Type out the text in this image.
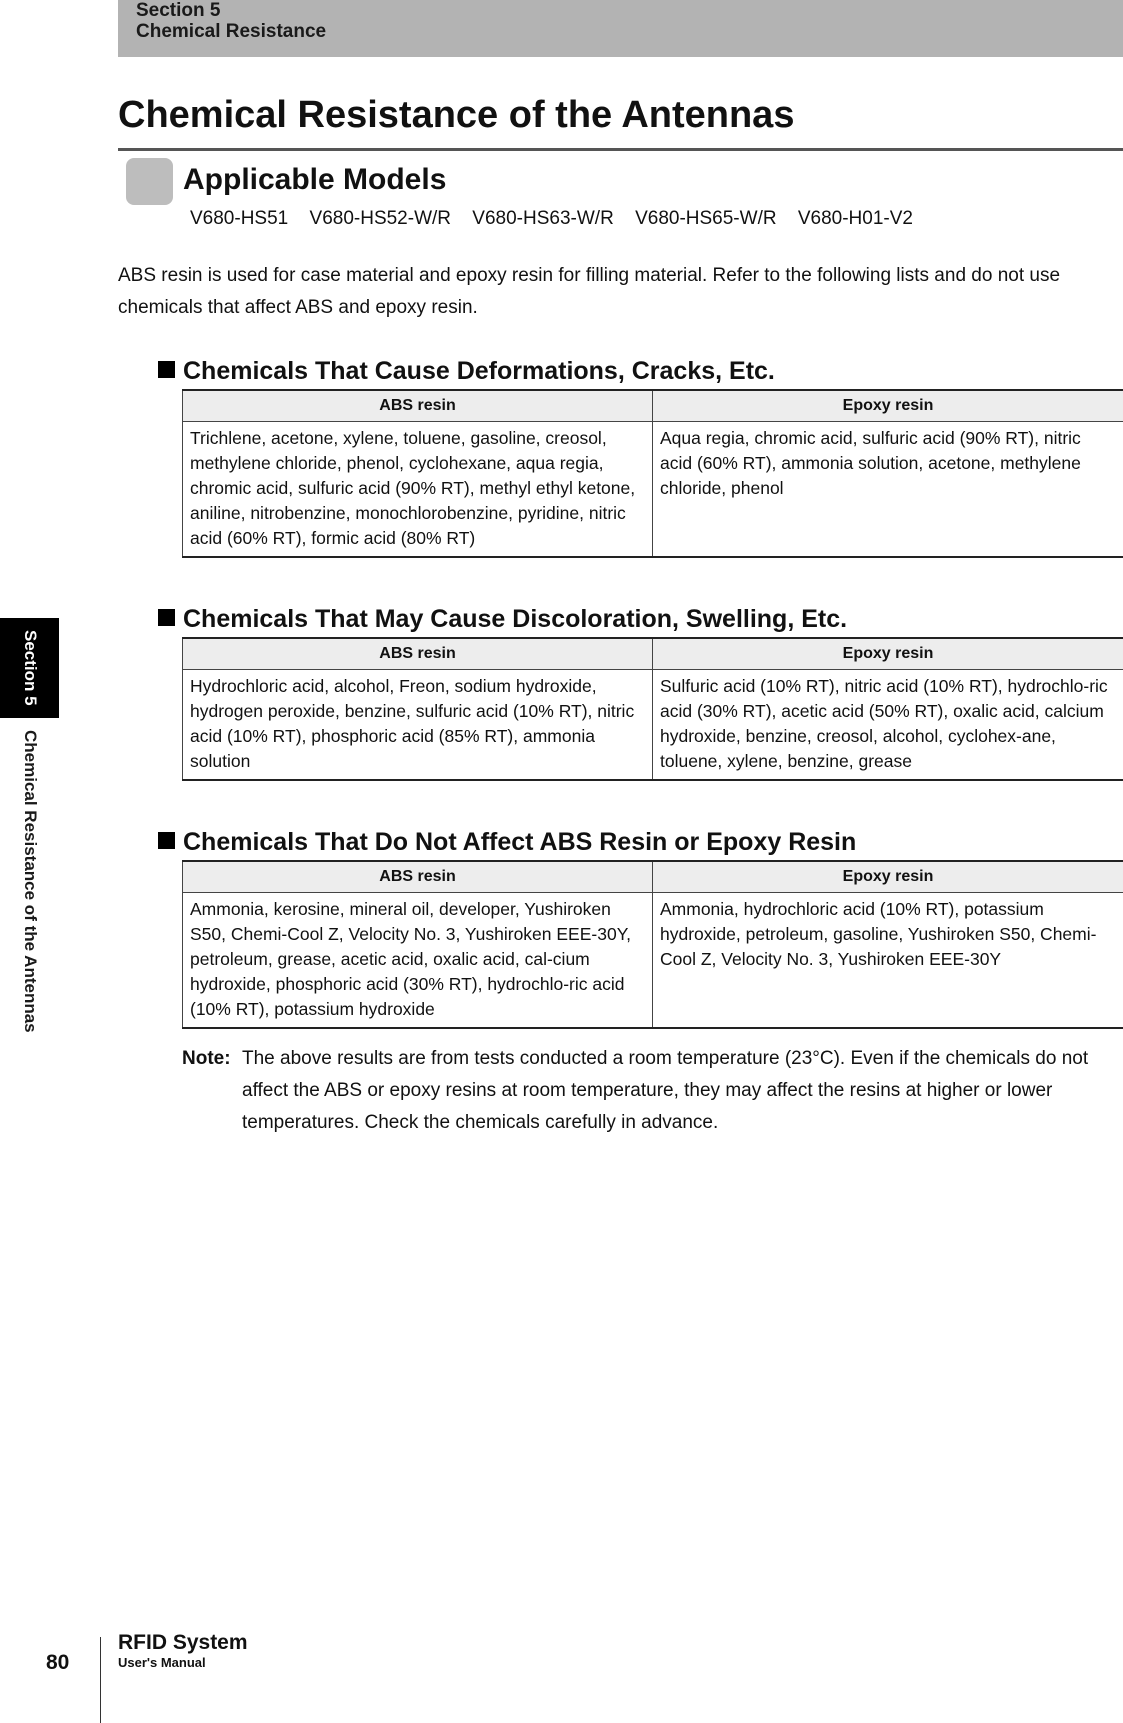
Section 5
Chemical Resistance
Section 5
Chemical Resistance of the Antennas
Chemical Resistance of the Antennas
Applicable Models
V680-HS51 V680-HS52-W/R V680-HS63-W/R V680-HS65-W/R V680-H01-V2

ABS resin is used for case material and epoxy resin for filling material. Refer to the following lists and do not use chemicals that affect ABS and epoxy resin.

Chemicals That Cause Deformations, Cracks, Etc.
ABS resin	Epoxy resin
Trichlene, acetone, xylene, toluene, gasoline, creosol, methylene chloride, phenol, cyclohexane, aqua regia, chromic acid, sulfuric acid (90% RT), methyl ethyl ketone, aniline, nitrobenzine, monochlorobenzine, pyridine, nitric acid (60% RT), formic acid (80% RT)	Aqua regia, chromic acid, sulfuric acid (90% RT), nitric acid (60% RT), ammonia solution, acetone, methylene chloride, phenol
Chemicals That May Cause Discoloration, Swelling, Etc.
ABS resin	Epoxy resin
Hydrochloric acid, alcohol, Freon, sodium hydroxide, hydrogen peroxide, benzine, sulfuric acid (10% RT), nitric acid (10% RT), phosphoric acid (85% RT), ammonia solution	Sulfuric acid (10% RT), nitric acid (10% RT), hydrochlo-ric acid (30% RT), acetic acid (50% RT), oxalic acid, calcium hydroxide, benzine, creosol, alcohol, cyclohex-ane, toluene, xylene, benzine, grease
Chemicals That Do Not Affect ABS Resin or Epoxy Resin
ABS resin	Epoxy resin
Ammonia, kerosine, mineral oil, developer, Yushiroken S50, Chemi-Cool Z, Velocity No. 3, Yushiroken EEE-30Y, petroleum, grease, acetic acid, oxalic acid, cal-cium hydroxide, phosphoric acid (30% RT), hydrochlo-ric acid (10% RT), potassium hydroxide	Ammonia, hydrochloric acid (10% RT), potassium hydroxide, petroleum, gasoline, Yushiroken S50, Chemi-Cool Z, Velocity No. 3, Yushiroken EEE-30Y
Note: The above results are from tests conducted a room temperature (23°C). Even if the chemicals do not affect the ABS or epoxy resins at room temperature, they may affect the resins at higher or lower temperatures. Check the chemicals carefully in advance.

80
RFID System
User's Manual
